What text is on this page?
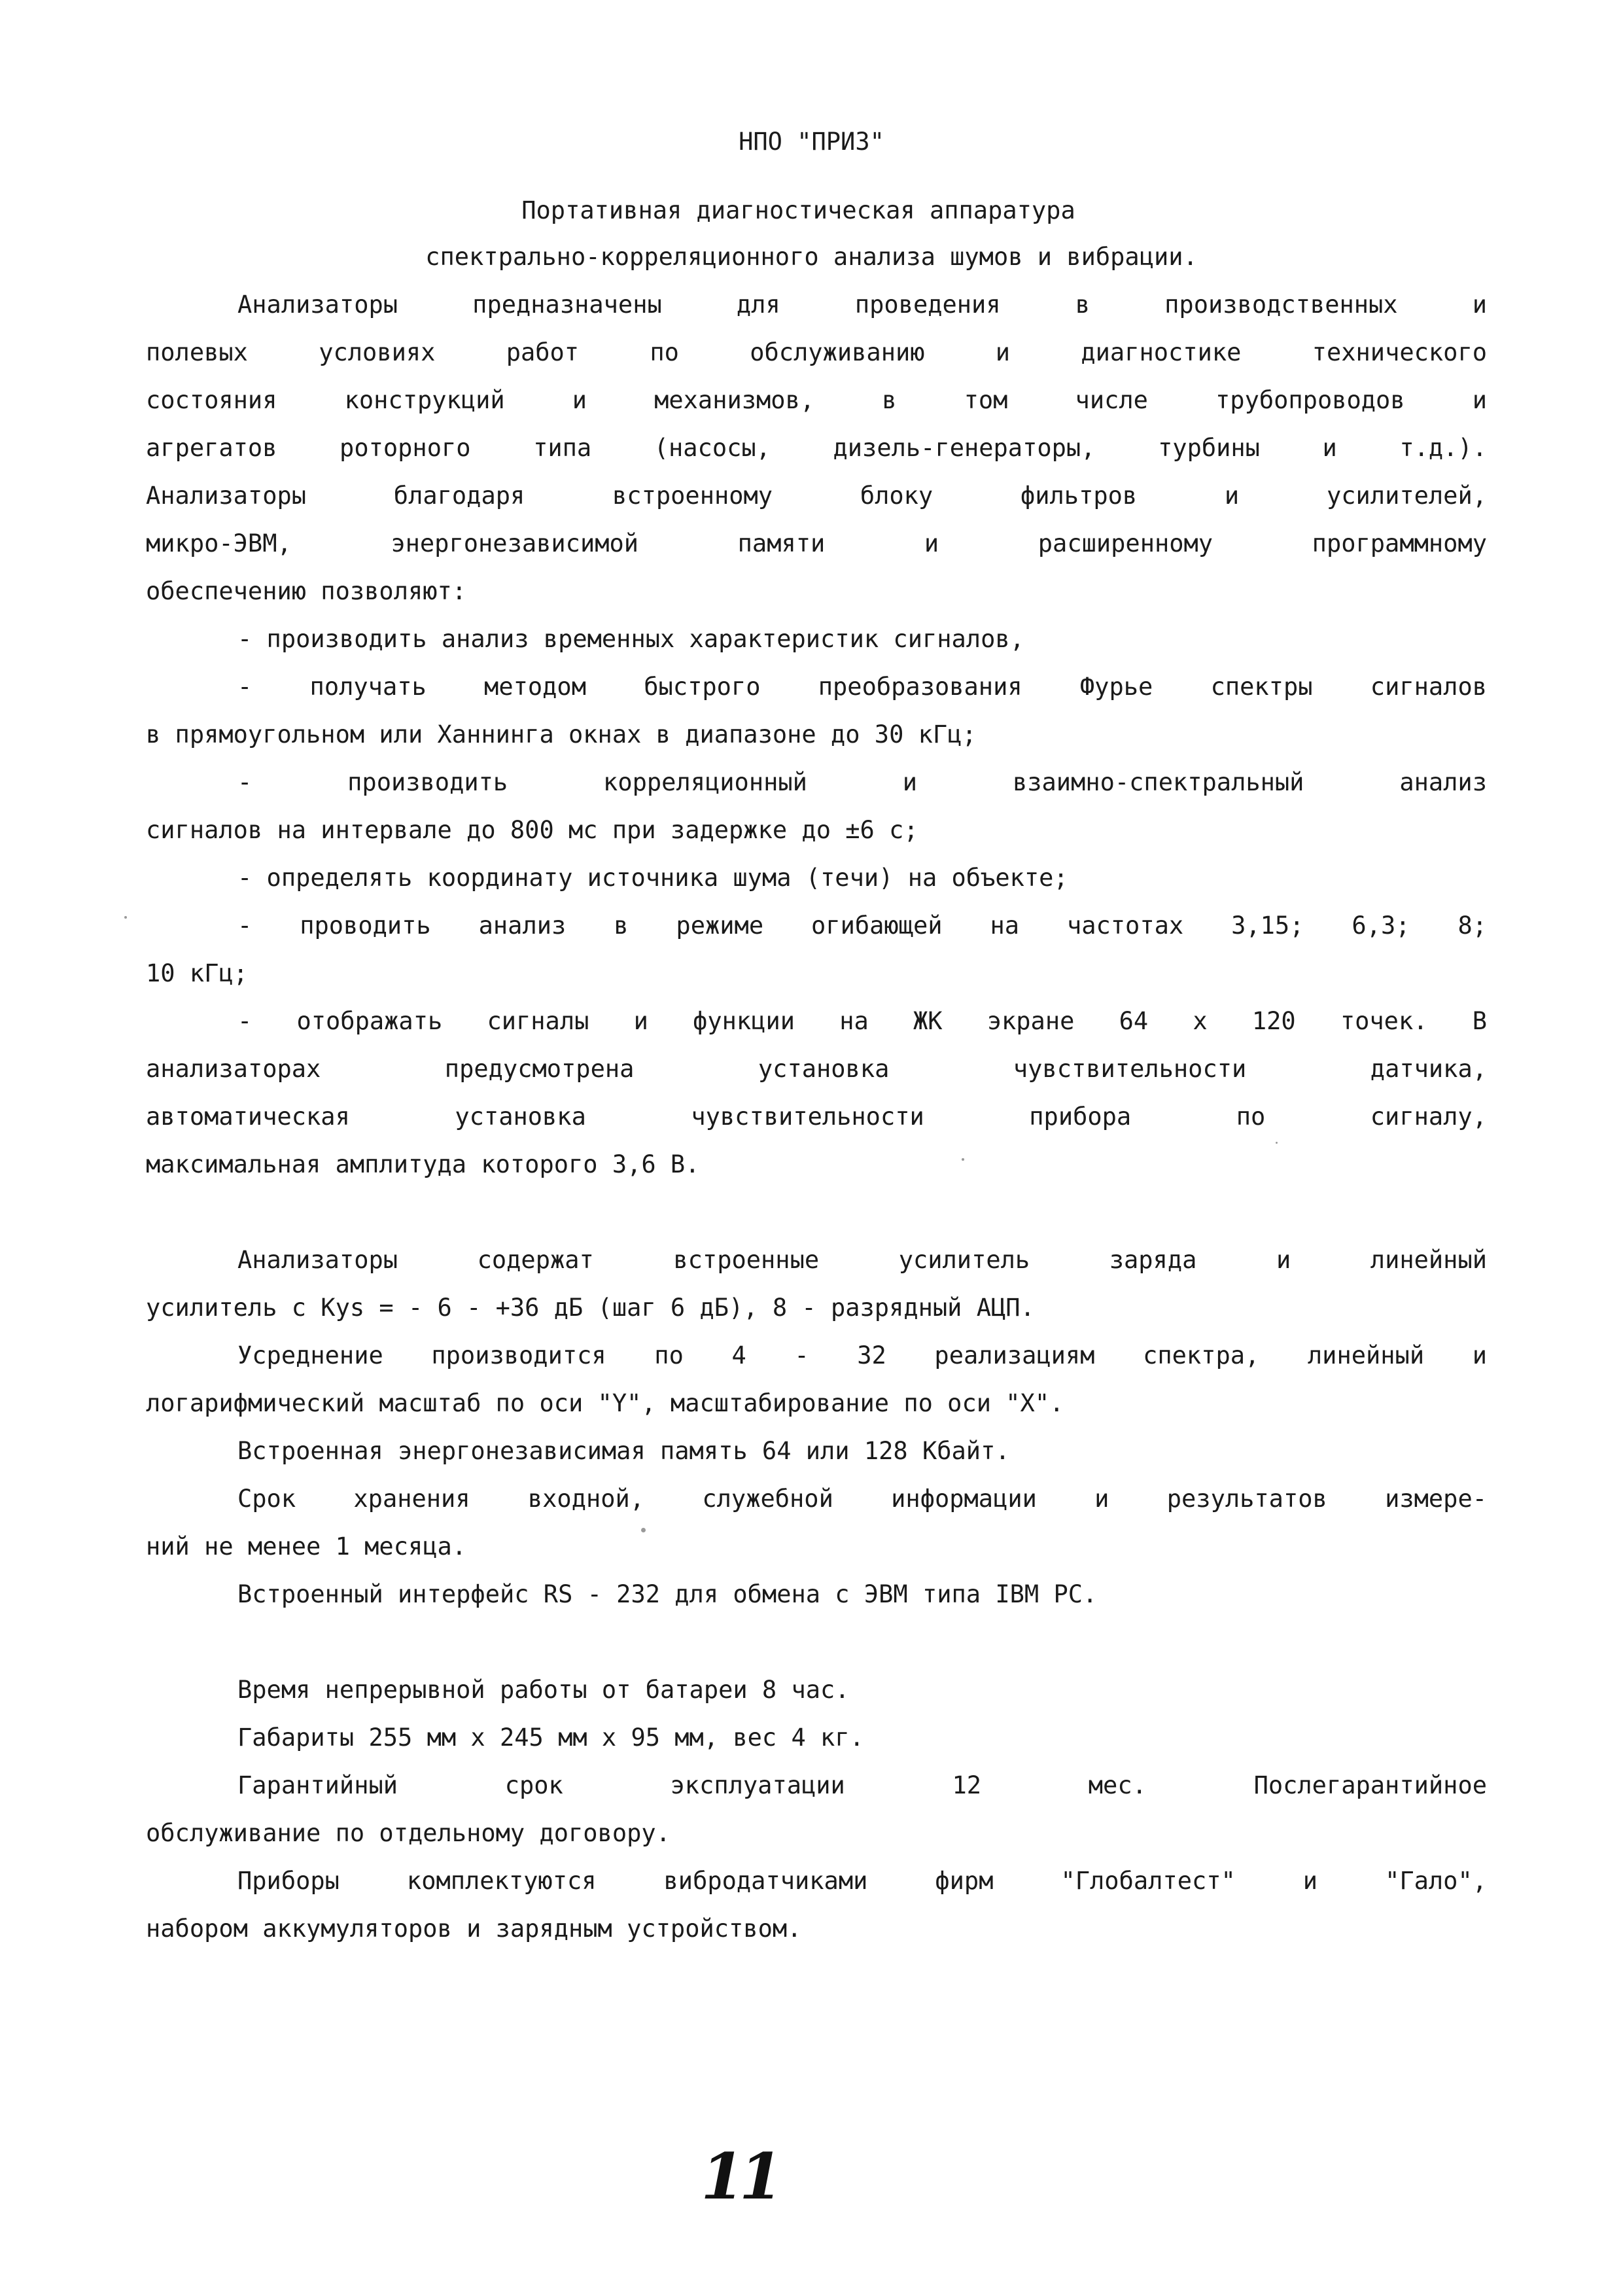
НПО "ПРИЗ"
Портативная диагностическая аппаратура
спектрально-корреляционного анализа шумов и вибрации.
Анализаторы предназначены для проведения в производственных и
полевых условиях работ по обслуживанию и диагностике технического
состояния конструкций и механизмов, в том числе трубопроводов и
агрегатов роторного типа (насосы, дизель-генераторы, турбины и т.д.).
Анализаторы благодаря встроенному блоку фильтров и усилителей,
микро-ЭВМ, энергонезависимой памяти и расширенному программному
обеспечению позволяют:
- производить анализ временных характеристик сигналов,
- получать методом быстрого преобразования Фурье спектры сигналов
в прямоугольном или Ханнинга окнах в диапазоне до 30 кГц;
- производить корреляционный и взаимно-спектральный анализ
сигналов на интервале до 800 мс при задержке до ±6 с;
- определять координату источника шума (течи) на объекте;
- проводить анализ в режиме огибающей на частотах 3,15; 6,3; 8;
10 кГц;
- отображать сигналы и функции на ЖК экране 64 х 120 точек. В
анализаторах предусмотрена установка чувствительности датчика,
автоматическая установка чувствительности прибора по сигналу,
максимальная амплитуда которого 3,6 В.
Анализаторы содержат встроенные усилитель заряда и линейный
усилитель с Kуs = - 6 - +36 дБ (шаг 6 дБ), 8 - разрядный АЦП.
Усреднение производится по 4 - 32 реализациям спектра, линейный и
логарифмический масштаб по оси "Y", масштабирование по оси "X".
Встроенная энергонезависимая память 64 или 128 Кбайт.
Срок хранения входной, служебной информации и результатов измере-
ний не менее 1 месяца.
Встроенный интерфейс RS - 232 для обмена с ЭВМ типа IBM PC.
Время непрерывной работы от батареи 8 час.
Габариты 255 мм х 245 мм х 95 мм, вес 4 кг.
Гарантийный срок эксплуатации 12 мес. Послегарантийное
обслуживание по отдельному договору.
Приборы комплектуются вибродатчиками фирм "Глобалтест" и "Гало",
набором аккумуляторов и зарядным устройством.
11
